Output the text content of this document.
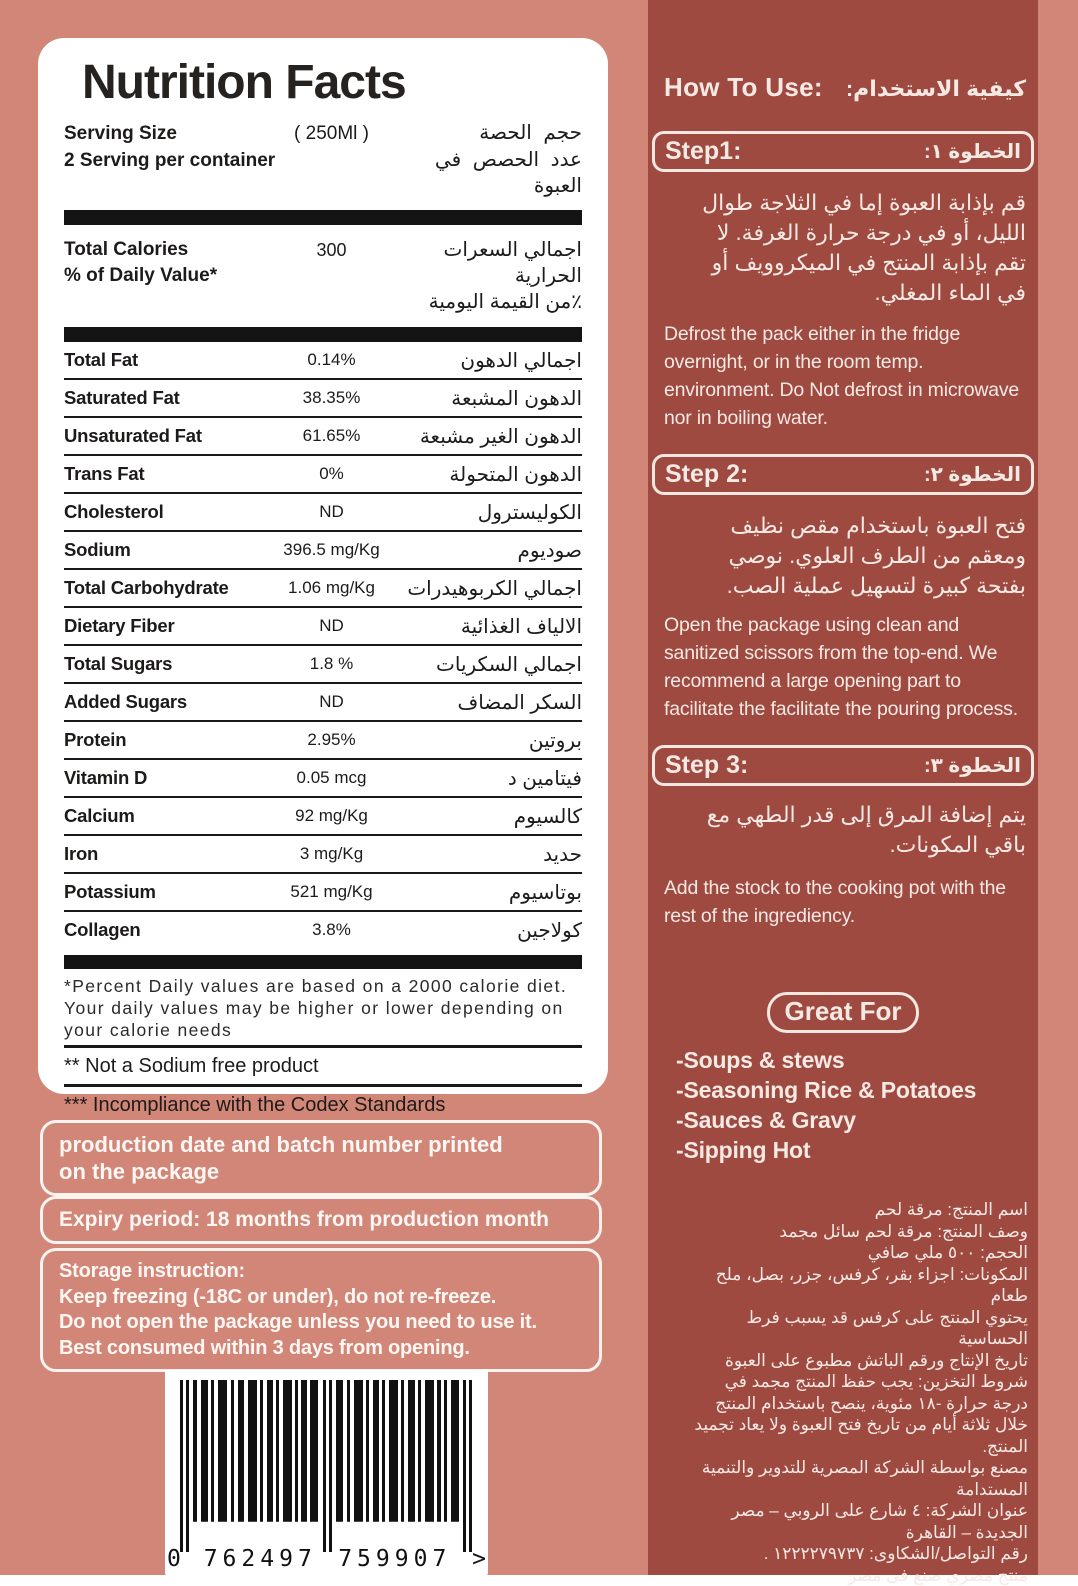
How To Use: كيفية الاستخدام:
Step1:	الخطوة ١:

قم بإذابة العبوة إما في الثلاجة طوال الليل، أو في درجة حرارة الغرفة. لا تقم بإذابة المنتج في الميكروويف أو في الماء المغلي.

Defrost the pack either in the fridge overnight, or in the room temp. environment. Do Not defrost in microwave nor in boiling water.

Step 2:	الخطوة ٢:

فتح العبوة باستخدام مقص نظيف ومعقم من الطرف العلوي. نوصي بفتحة كبيرة لتسهيل عملية الصب.

Open the package using clean and sanitized scissors from the top-end. We recommend a large opening part to facilitate the facilitate the pouring process.

Step 3:	الخطوة ٣:

يتم إضافة المرق إلى قدر الطهي مع باقي المكونات.

Add the stock to the cooking pot with the rest of the ingrediency.

Great For
-Soups & stews
-Seasoning Rice & Potatoes
-Sauces & Gravy
-Sipping Hot
اسم المنتج: مرقة لحم
وصف المنتج: مرقة لحم سائل مجمد
الحجم: ٥٠٠ ملي صافي
المكونات: اجزاء بقر، كرفس، جزر، بصل، ملح طعام
يحتوي المنتج على كرفس قد يسبب فرط الحساسية
تاريخ الإنتاج ورقم الباتش مطبوع على العبوة
شروط التخزين: يجب حفظ المنتج مجمد في درجة حرارة -١٨ مئوية، ينصح باستخدام المنتج خلال ثلاثة أيام من تاريخ فتح العبوة ولا يعاد تجميد المنتج.
مصنع بواسطة الشركة المصرية للتدوير والتنمية المستدامة
عنوان الشركة: ٤ شارع على الروبي – مصر الجديدة – القاهرة
رقم التواصل/الشكاوى: ١٢٢٢٢٧٩٧٣٧ .
منتج مصري صنع فى مصر
Nutrition Facts
Serving Size	( 250Ml )	حجم الحصة
2 Serving per container	عدد الحصص في العبوة
Total Calories
% of Daily Value*
300	اجمالي السعرات الحرارية
٪من القيمة اليومية
Total Fat	0.14%	اجمالي الدهون
Saturated Fat	38.35%	الدهون المشبعة
Unsaturated Fat	61.65%	الدهون الغير مشبعة
Trans Fat	0%	الدهون المتحولة
Cholesterol	ND	الكوليسترول
Sodium	396.5 mg/Kg	صوديوم
Total Carbohydrate	1.06 mg/Kg	اجمالي الكربوهيدرات
Dietary Fiber	ND	الالياف الغذائية
Total Sugars	1.8 %	اجمالي السكريات
Added Sugars	ND	السكر المضاف
Protein	2.95%	بروتين
Vitamin D	0.05 mcg	فيتامين د
Calcium	92 mg/Kg	كالسيوم
Iron	3 mg/Kg	حديد
Potassium	521 mg/Kg	بوتاسيوم
Collagen	3.8%	كولاجين

*Percent Daily values are based on a 2000 calorie diet. Your daily values may be higher or lower depending on your calorie needs

** Not a Sodium free product

*** Incompliance with the Codex Standards

production date and batch number printed
on the package
Expiry period: 18 months from production month
Storage instruction:
Keep freezing (-18C or under), do not re-freeze.
Do not open the package unless you need to use it.
Best consumed within 3 days from opening.
0 762497 759907 >
